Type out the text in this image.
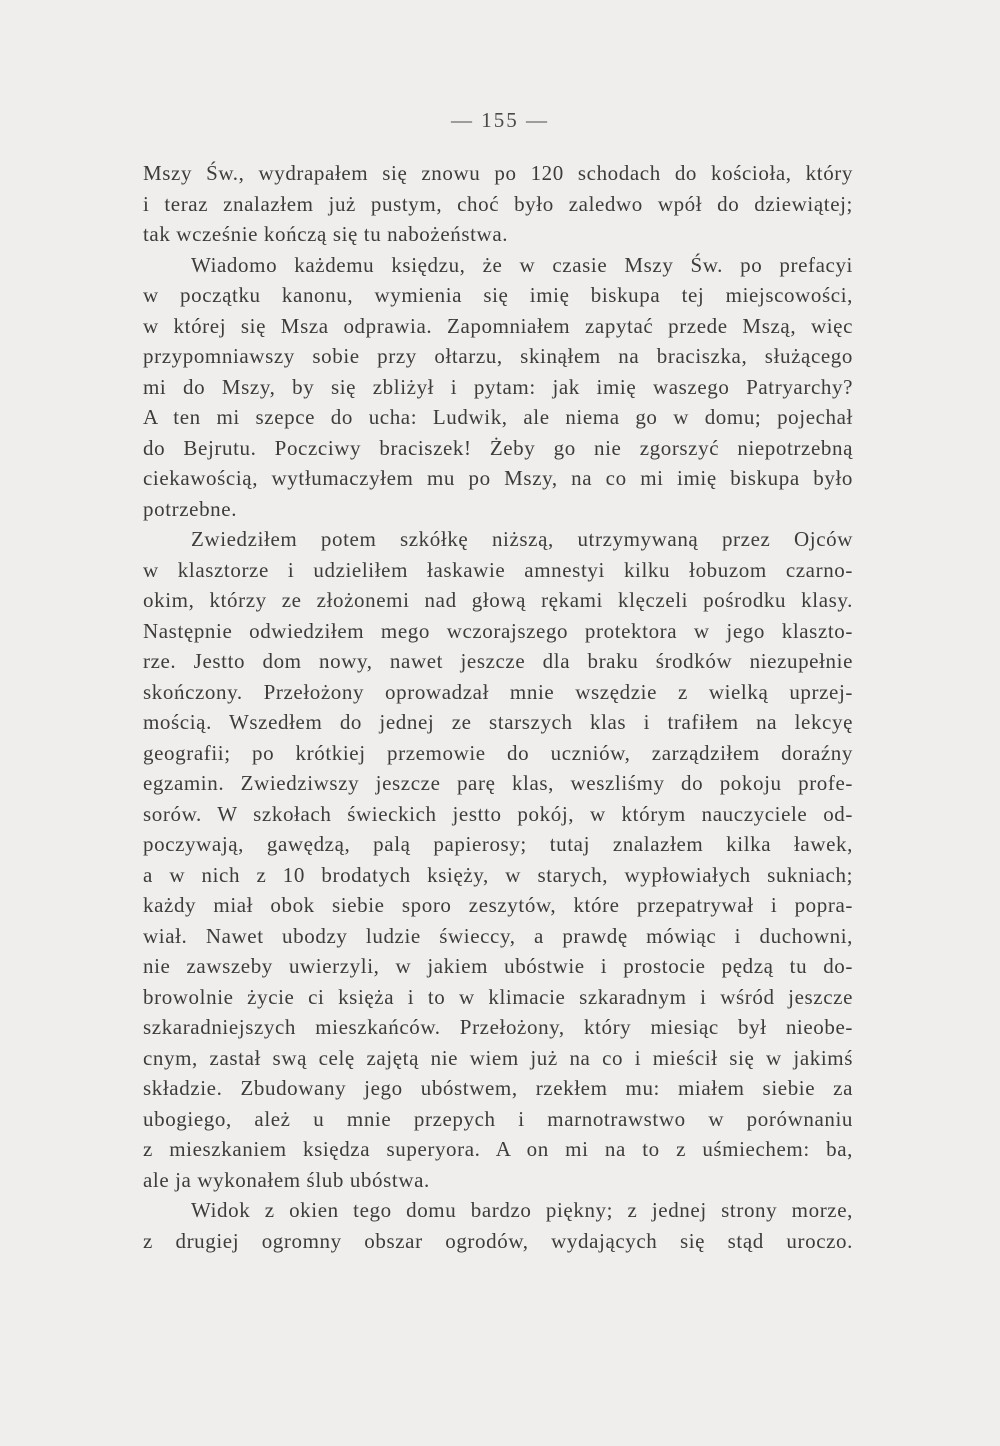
— 155 —
Mszy Św., wydrapałem się znowu po 120 schodach do kościoła, który
i teraz znalazłem już pustym, choć było zaledwo wpół do dziewiątej;
tak wcześnie kończą się tu nabożeństwa.
Wiadomo każdemu księdzu, że w czasie Mszy Św. po prefacyi
w początku kanonu, wymienia się imię biskupa tej miejscowości,
w której się Msza odprawia. Zapomniałem zapytać przede Mszą, więc
przypomniawszy sobie przy ołtarzu, skinąłem na braciszka, służącego
mi do Mszy, by się zbliżył i pytam: jak imię waszego Patryarchy?
A ten mi szepce do ucha: Ludwik, ale niema go w domu; pojechał
do Bejrutu. Poczciwy braciszek! Żeby go nie zgorszyć niepotrzebną
ciekawością, wytłumaczyłem mu po Mszy, na co mi imię biskupa było
potrzebne.
Zwiedziłem potem szkółkę niższą, utrzymywaną przez Ojców
w klasztorze i udzieliłem łaskawie amnestyi kilku łobuzom czarno-
okim, którzy ze złożonemi nad głową rękami klęczeli pośrodku klasy.
Następnie odwiedziłem mego wczorajszego protektora w jego klaszto-
rze. Jestto dom nowy, nawet jeszcze dla braku środków niezupełnie
skończony. Przełożony oprowadzał mnie wszędzie z wielką uprzej-
mością. Wszedłem do jednej ze starszych klas i trafiłem na lekcyę
geografii; po krótkiej przemowie do uczniów, zarządziłem doraźny
egzamin. Zwiedziwszy jeszcze parę klas, weszliśmy do pokoju profe-
sorów. W szkołach świeckich jestto pokój, w którym nauczyciele od-
poczywają, gawędzą, palą papierosy; tutaj znalazłem kilka ławek,
a w nich z 10 brodatych księży, w starych, wypłowiałych sukniach;
każdy miał obok siebie sporo zeszytów, które przepatrywał i popra-
wiał. Nawet ubodzy ludzie świeccy, a prawdę mówiąc i duchowni,
nie zawszeby uwierzyli, w jakiem ubóstwie i prostocie pędzą tu do-
browolnie życie ci księża i to w klimacie szkaradnym i wśród jeszcze
szkaradniejszych mieszkańców. Przełożony, który miesiąc był nieobe-
cnym, zastał swą celę zajętą nie wiem już na co i mieścił się w jakimś
składzie. Zbudowany jego ubóstwem, rzekłem mu: miałem siebie za
ubogiego, alеż u mnie przepych i marnotrawstwo w porównaniu
z mieszkaniem księdza superyora. A on mi na to z uśmiechem: ba,
ale ja wykonałem ślub ubóstwa.
Widok z okien tego domu bardzo piękny; z jednej strony morze,
z drugiej ogromny obszar ogrodów, wydających się stąd uroczo.
